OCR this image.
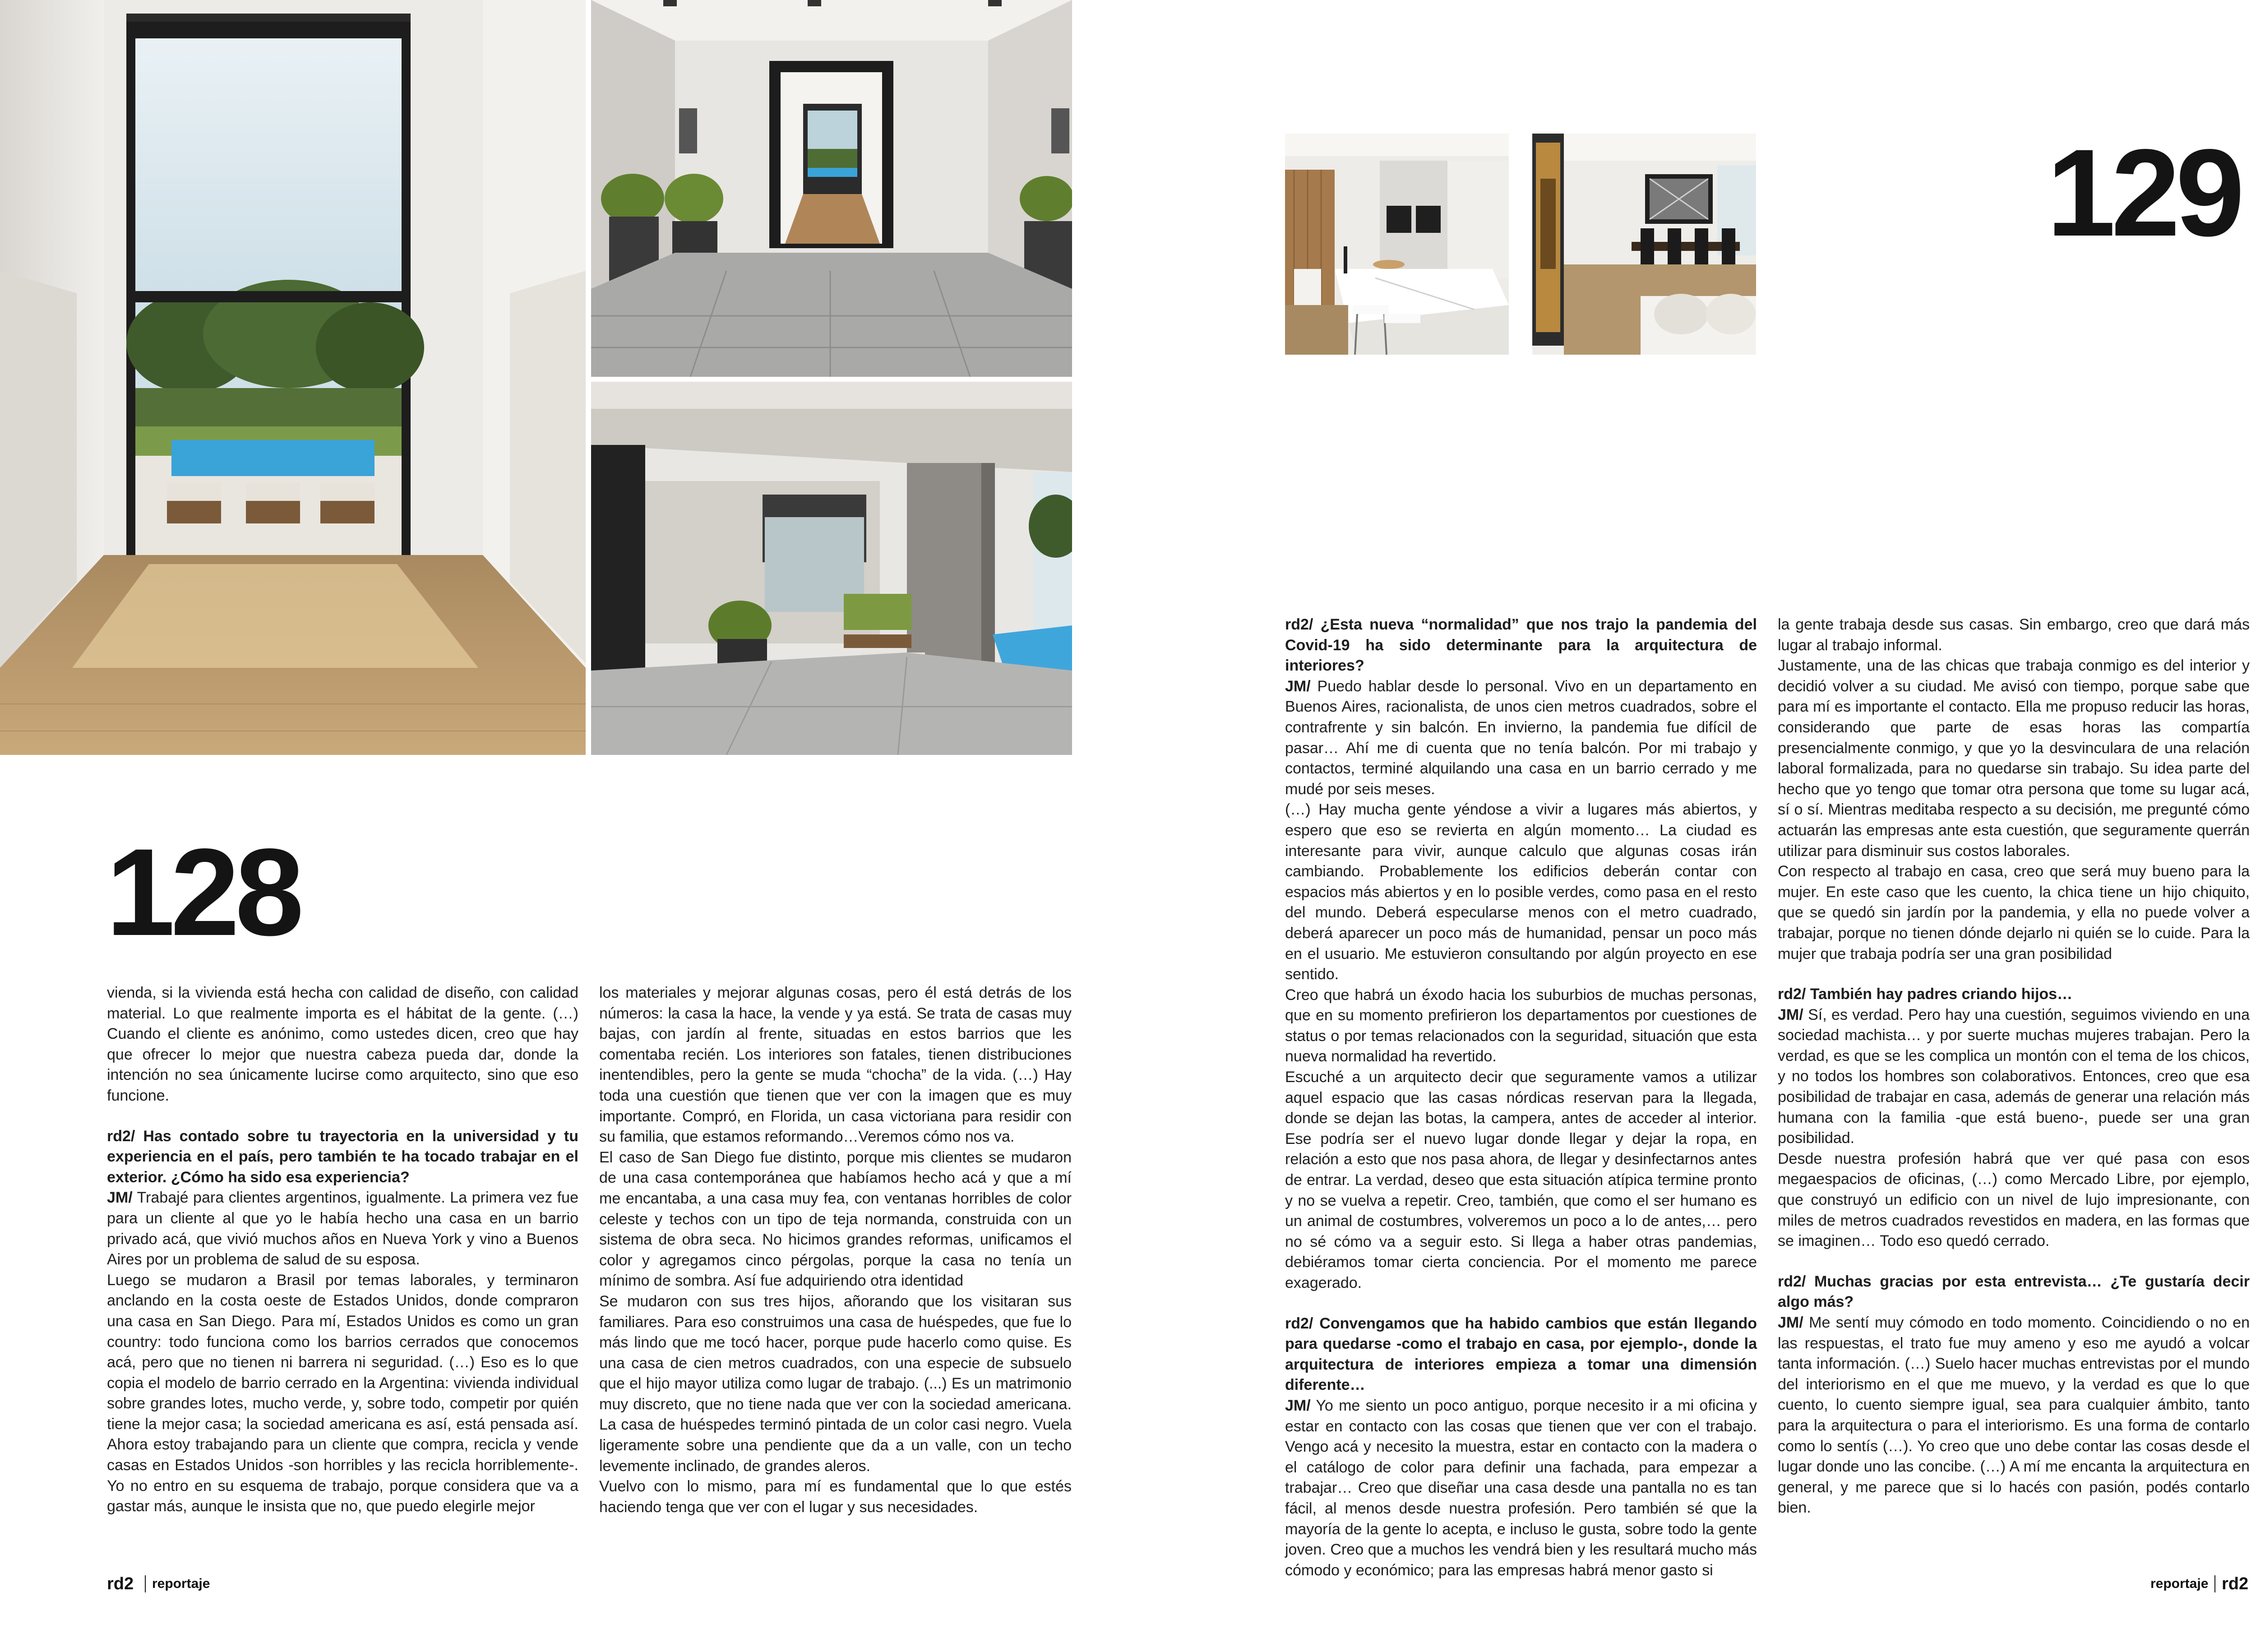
128

vienda, si la vivienda está hecha con calidad de diseño, con calidad material. Lo que realmente importa es el hábitat de la gente. (…) Cuando el cliente es anónimo, como ustedes dicen, creo que hay que ofrecer lo mejor que nuestra cabeza pueda dar, donde la intención no sea únicamente lucirse como arquitecto, sino que eso funcione.

rd2/ Has contado sobre tu trayectoria en la universidad y tu experiencia en el país, pero también te ha tocado trabajar en el exterior. ¿Cómo ha sido esa experiencia?

JM/ Trabajé para clientes argentinos, igualmente. La primera vez fue para un cliente al que yo le había hecho una casa en un barrio privado acá, que vivió muchos años en Nueva York y vino a Buenos Aires por un problema de salud de su esposa.

Luego se mudaron a Brasil por temas laborales, y terminaron anclando en la costa oeste de Estados Unidos, donde compraron una casa en San Diego. Para mí, Estados Unidos es como un gran country: todo funciona como los barrios cerrados que conocemos acá, pero que no tienen ni barrera ni seguridad. (…) Eso es lo que copia el modelo de barrio cerrado en la Argentina: vivienda individual sobre grandes lotes, mucho verde, y, sobre todo, competir por quién tiene la mejor casa; la sociedad americana es así, está pensada así. Ahora estoy trabajando para un cliente que compra, recicla y vende casas en Estados Unidos -son horribles y las recicla horriblemente-. Yo no entro en su esquema de trabajo, porque considera que va a gastar más, aunque le insista que no, que puedo elegirle mejor

los materiales y mejorar algunas cosas, pero él está detrás de los números: la casa la hace, la vende y ya está. Se trata de casas muy bajas, con jardín al frente, situadas en estos barrios que les comentaba recién. Los interiores son fatales, tienen distribuciones inentendibles, pero la gente se muda “chocha” de la vida. (…) Hay toda una cuestión que tienen que ver con la imagen que es muy importante. Compró, en Florida, un casa victoriana para residir con su familia, que estamos reformando…Veremos cómo nos va.

El caso de San Diego fue distinto, porque mis clientes se mudaron de una casa contemporánea que habíamos hecho acá y que a mí me encantaba, a una casa muy fea, con ventanas horribles de color celeste y techos con un tipo de teja normanda, construida con un sistema de obra seca. No hicimos grandes reformas, unificamos el color y agregamos cinco pérgolas, porque la casa no tenía un mínimo de sombra. Así fue adquiriendo otra identidad

Se mudaron con sus tres hijos, añorando que los visitaran sus familiares. Para eso construimos una casa de huéspedes, que fue lo más lindo que me tocó hacer, porque pude hacerlo como quise. Es una casa de cien metros cuadrados, con una especie de subsuelo que el hijo mayor utiliza como lugar de trabajo. (...) Es un matrimonio muy discreto, que no tiene nada que ver con la sociedad americana. La casa de huéspedes terminó pintada de un color casi negro. Vuela ligeramente sobre una pendiente que da a un valle, con un techo levemente inclinado, de grandes aleros.

Vuelvo con lo mismo, para mí es fundamental que lo que estés haciendo tenga que ver con el lugar y sus necesidades.

rd2 reportaje
129

rd2/ ¿Esta nueva “normalidad” que nos trajo la pandemia del Covid-19 ha sido determinante para la arquitectura de interiores?

JM/ Puedo hablar desde lo personal. Vivo en un departamento en Buenos Aires, racionalista, de unos cien metros cuadrados, sobre el contrafrente y sin balcón. En invierno, la pandemia fue difícil de pasar… Ahí me di cuenta que no tenía balcón. Por mi trabajo y contactos, terminé alquilando una casa en un barrio cerrado y me mudé por seis meses.

(…) Hay mucha gente yéndose a vivir a lugares más abiertos, y espero que eso se revierta en algún momento… La ciudad es interesante para vivir, aunque calculo que algunas cosas irán cambiando. Probablemente los edificios deberán contar con espacios más abiertos y en lo posible verdes, como pasa en el resto del mundo. Deberá especularse menos con el metro cuadrado, deberá aparecer un poco más de humanidad, pensar un poco más en el usuario. Me estuvieron consultando por algún proyecto en ese sentido.

Creo que habrá un éxodo hacia los suburbios de muchas personas, que en su momento prefirieron los departamentos por cuestiones de status o por temas relacionados con la seguridad, situación que esta nueva normalidad ha revertido.

Escuché a un arquitecto decir que seguramente vamos a utilizar aquel espacio que las casas nórdicas reservan para la llegada, donde se dejan las botas, la campera, antes de acceder al interior. Ese podría ser el nuevo lugar donde llegar y dejar la ropa, en relación a esto que nos pasa ahora, de llegar y desinfectarnos antes de entrar. La verdad, deseo que esta situación atípica termine pronto y no se vuelva a repetir. Creo, también, que como el ser humano es un animal de costumbres, volveremos un poco a lo de antes,… pero no sé cómo va a seguir esto. Si llega a haber otras pandemias, debiéramos tomar cierta conciencia. Por el momento me parece exagerado.

rd2/ Convengamos que ha habido cambios que están llegando para quedarse -como el trabajo en casa, por ejemplo-, donde la arquitectura de interiores empieza a tomar una dimensión diferente…

JM/ Yo me siento un poco antiguo, porque necesito ir a mi oficina y estar en contacto con las cosas que tienen que ver con el trabajo. Vengo acá y necesito la muestra, estar en contacto con la madera o el catálogo de color para definir una fachada, para empezar a trabajar… Creo que diseñar una casa desde una pantalla no es tan fácil, al menos desde nuestra profesión. Pero también sé que la mayoría de la gente lo acepta, e incluso le gusta, sobre todo la gente joven. Creo que a muchos les vendrá bien y les resultará mucho más cómodo y económico; para las empresas habrá menor gasto si

la gente trabaja desde sus casas. Sin embargo, creo que dará más lugar al trabajo informal.

Justamente, una de las chicas que trabaja conmigo es del interior y decidió volver a su ciudad. Me avisó con tiempo, porque sabe que para mí es importante el contacto. Ella me propuso reducir las horas, considerando que parte de esas horas las compartía presencialmente conmigo, y que yo la desvinculara de una relación laboral formalizada, para no quedarse sin trabajo. Su idea parte del hecho que yo tengo que tomar otra persona que tome su lugar acá, sí o sí. Mientras meditaba respecto a su decisión, me pregunté cómo actuarán las empresas ante esta cuestión, que seguramente querrán utilizar para disminuir sus costos laborales.

Con respecto al trabajo en casa, creo que será muy bueno para la mujer. En este caso que les cuento, la chica tiene un hijo chiquito, que se quedó sin jardín por la pandemia, y ella no puede volver a trabajar, porque no tienen dónde dejarlo ni quién se lo cuide. Para la mujer que trabaja podría ser una gran posibilidad

rd2/ También hay padres criando hijos…

JM/ Sí, es verdad. Pero hay una cuestión, seguimos viviendo en una sociedad machista… y por suerte muchas mujeres trabajan. Pero la verdad, es que se les complica un montón con el tema de los chicos, y no todos los hombres son colaborativos. Entonces, creo que esa posibilidad de trabajar en casa, además de generar una relación más humana con la familia -que está bueno-, puede ser una gran posibilidad.

Desde nuestra profesión habrá que ver qué pasa con esos megaespacios de oficinas, (…) como Mercado Libre, por ejemplo, que construyó un edificio con un nivel de lujo impresionante, con miles de metros cuadrados revestidos en madera, en las formas que se imaginen… Todo eso quedó cerrado.

rd2/ Muchas gracias por esta entrevista… ¿Te gustaría decir algo más?

JM/ Me sentí muy cómodo en todo momento. Coincidiendo o no en las respuestas, el trato fue muy ameno y eso me ayudó a volcar tanta información. (…) Suelo hacer muchas entrevistas por el mundo del interiorismo en el que me muevo, y la verdad es que lo que cuento, lo cuento siempre igual, sea para cualquier ámbito, tanto para la arquitectura o para el interiorismo. Es una forma de contarlo como lo sentís (…). Yo creo que uno debe contar las cosas desde el lugar donde uno las concibe. (…) A mí me encanta la arquitectura en general, y me parece que si lo hacés con pasión, podés contarlo bien.

reportaje rd2
